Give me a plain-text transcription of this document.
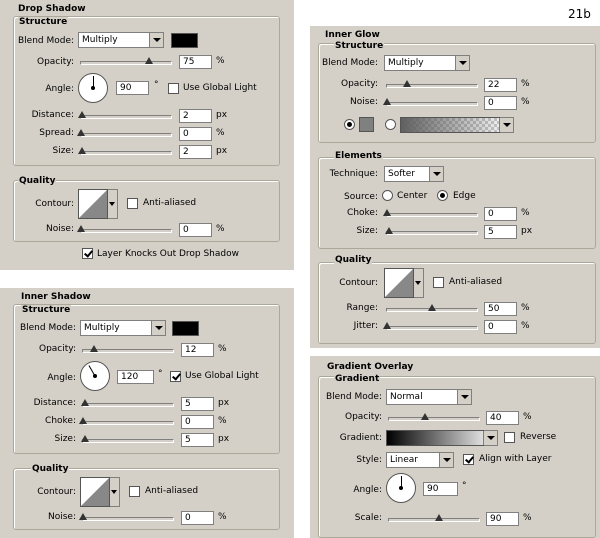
21b
Drop Shadow
Structure
Blend Mode: Multiply
Opacity:	75 %
Angle:	90	°	Use Global Light
Distance:	2	px
Spread:	0	%
Size:	2	px
Quality
Contour:	Anti-aliased
Noise:	0	%
Layer Knocks Out Drop Shadow
Inner Shadow
Structure
Blend Mode: Multiply
Opacity:	12 %
Angle:	120 °	Use Global Light
Distance:	5	px
Choke:	0	%
Size:	5	px
Quality
Contour:	Anti-aliased
Noise:	0	%
Inner Glow
Structure
Blend Mode: Multiply
Opacity:	22 %
Noise:	0	%
Elements
Technique: Softer
Source: Center	Edge
Choke:	0	%
Size:	5	px
Quality
Contour:	Anti-aliased
Range:	50 %
Jitter:	0	%
Gradient Overlay
Gradient
Blend Mode: Normal
Opacity:	40 %
Gradient:	Reverse
Style: Linear	Align with Layer
Angle:	90	°
Scale:	90 %
